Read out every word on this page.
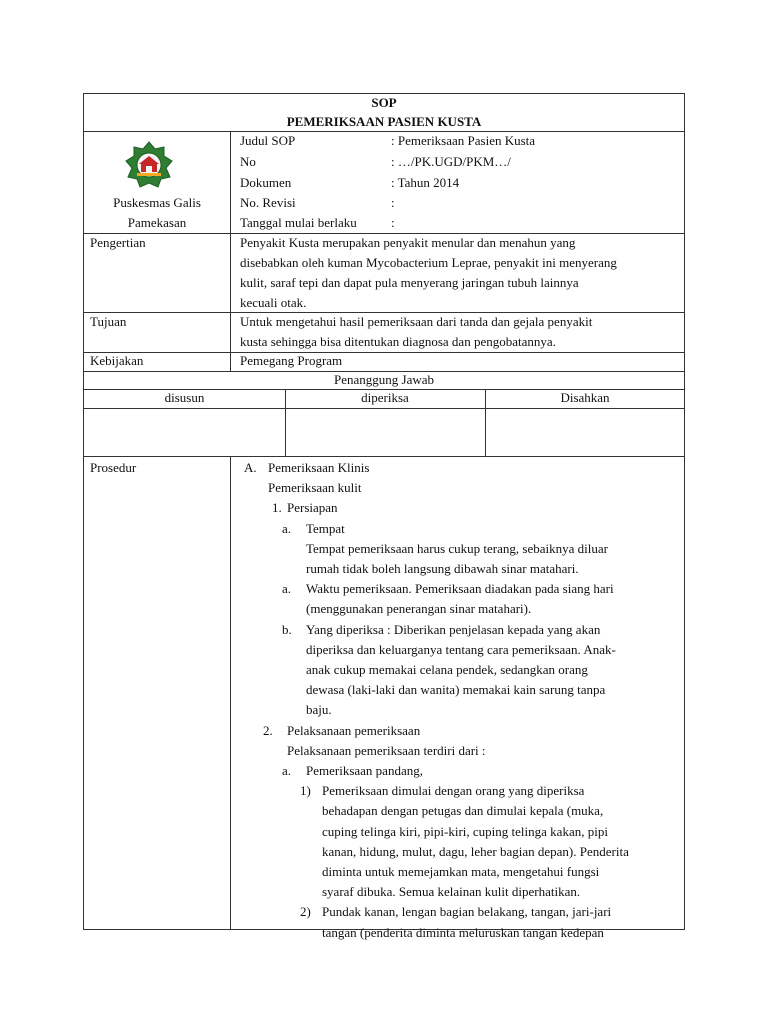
SOP
PEMERIKSAAN PASIEN KUSTA
Puskesmas Galis
Pamekasan
Judul SOP	: Pemeriksaan Pasien Kusta
No	: …/PK.UGD/PKM…/
Dokumen	: Tahun 2014
No. Revisi	:
Tanggal mulai berlaku	:
Pengertian	Penyakit Kusta merupakan penyakit menular dan menahun yang
disebabkan oleh kuman Mycobacterium Leprae, penyakit ini menyerang
kulit, saraf tepi dan dapat pula menyerang jaringan tubuh lainnya
kecuali otak.
Tujuan	Untuk mengetahui hasil pemeriksaan dari tanda dan gejala penyakit
kusta sehingga bisa ditentukan diagnosa dan pengobatannya.
Kebijakan	Pemegang Program
Penanggung Jawab
disusun	diperiksa	Disahkan
Prosedur	A. Pemeriksaan Klinis
Pemeriksaan kulit
1. Persiapan
a. Tempat
Tempat pemeriksaan harus cukup terang, sebaiknya diluar
rumah tidak boleh langsung dibawah sinar matahari.
a. Waktu pemeriksaan. Pemeriksaan diadakan pada siang hari
(menggunakan penerangan sinar matahari).
b. Yang diperiksa : Diberikan penjelasan kepada yang akan
diperiksa dan keluarganya tentang cara pemeriksaan. Anak-
anak cukup memakai celana pendek, sedangkan orang
dewasa (laki-laki dan wanita) memakai kain sarung tanpa
baju.
2. Pelaksanaan pemeriksaan
Pelaksanaan pemeriksaan terdiri dari :
a. Pemeriksaan pandang,
1) Pemeriksaan dimulai dengan orang yang diperiksa
behadapan dengan petugas dan dimulai kepala (muka,
cuping telinga kiri, pipi-kiri, cuping telinga kakan, pipi
kanan, hidung, mulut, dagu, leher bagian depan). Penderita
diminta untuk memejamkan mata, mengetahui fungsi
syaraf dibuka. Semua kelainan kulit diperhatikan.
2) Pundak kanan, lengan bagian belakang, tangan, jari-jari
tangan (penderita diminta meluruskan tangan kedepan
